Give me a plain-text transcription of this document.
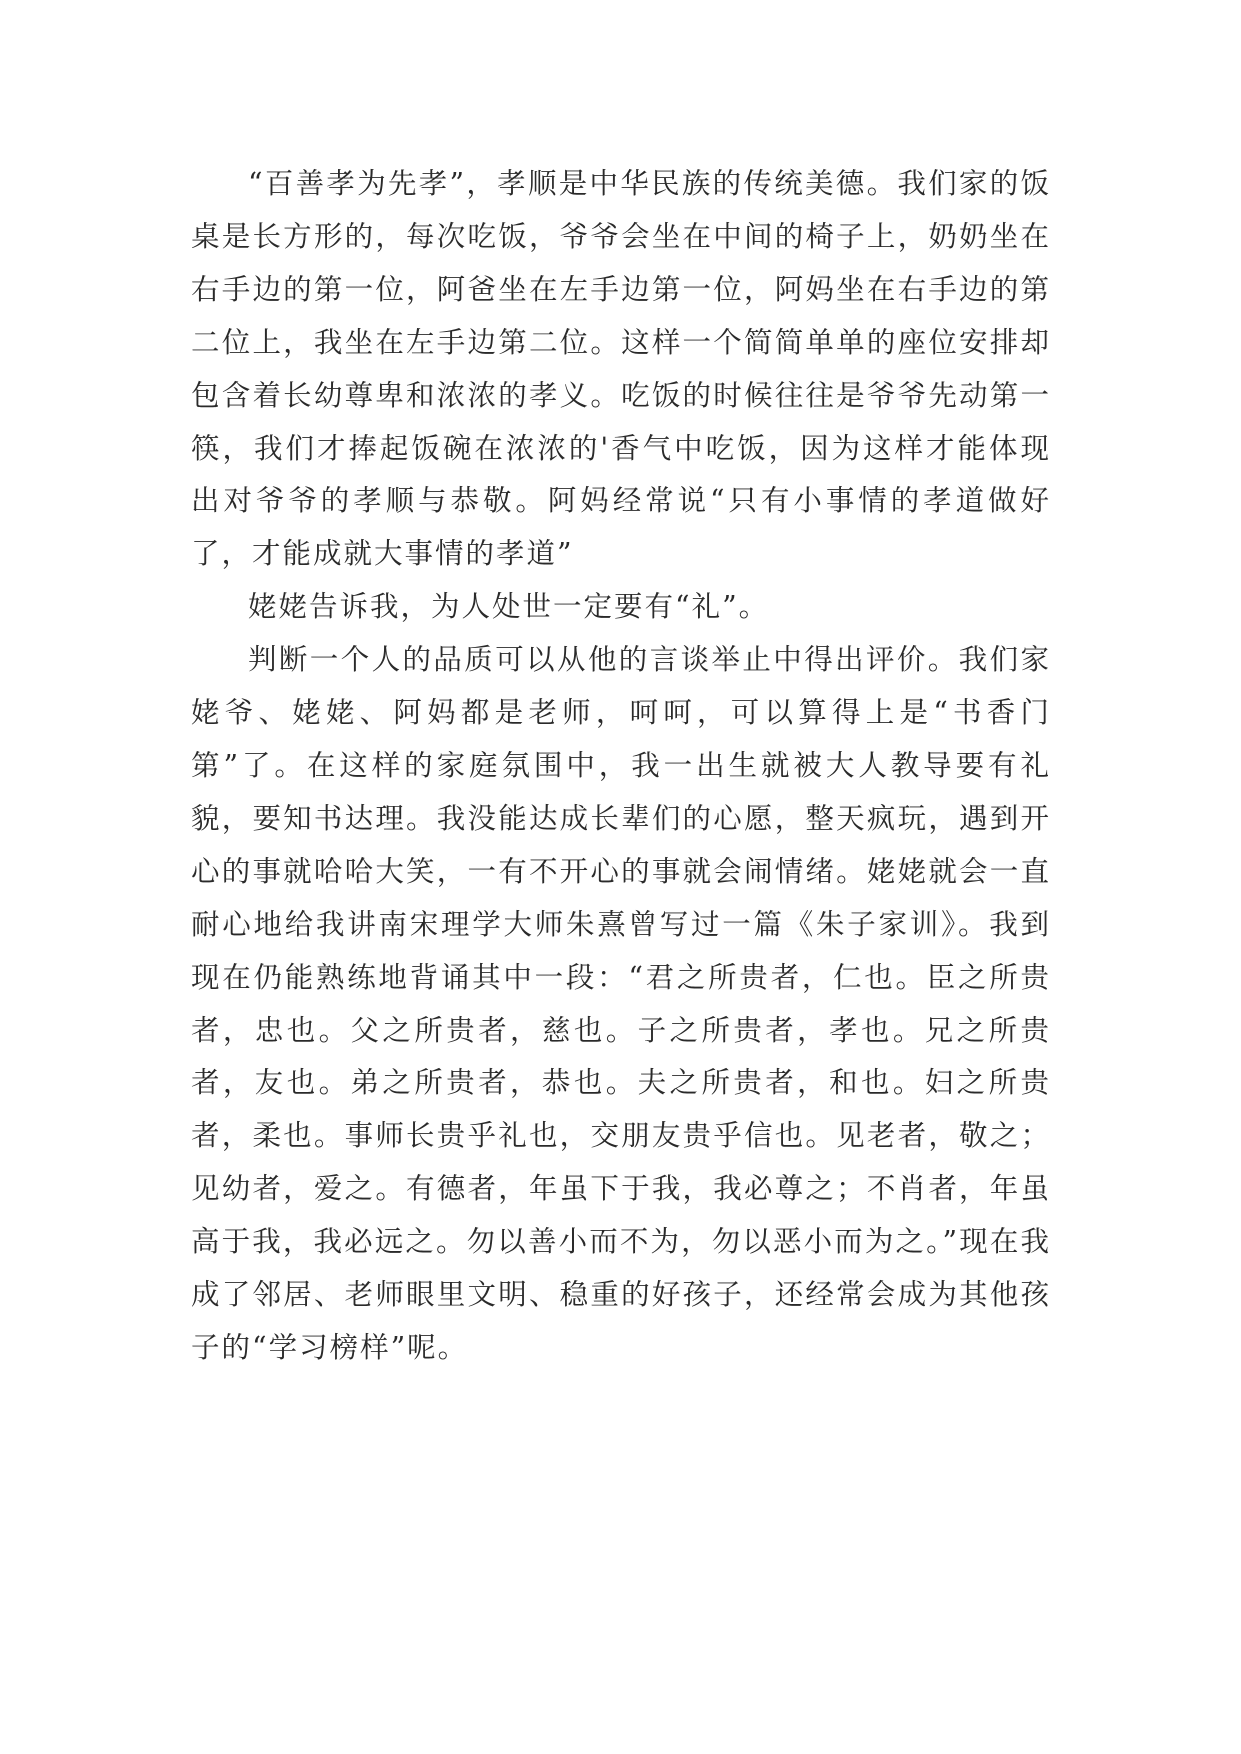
“百善孝为先孝”，孝顺是中华民族的传统美德。我们家的饭桌是长方形的，每次吃饭，爷爷会坐在中间的椅子上，奶奶坐在右手边的第一位，阿爸坐在左手边第一位，阿妈坐在右手边的第二位上，我坐在左手边第二位。这样一个简简单单的座位安排却包含着长幼尊卑和浓浓的孝义。吃饭的时候往往是爷爷先动第一筷，我们才捧起饭碗在浓浓的'香气中吃饭，因为这样才能体现出对爷爷的孝顺与恭敬。阿妈经常说“只有小事情的孝道做好了，才能成就大事情的孝道”

姥姥告诉我，为人处世一定要有“礼”。

判断一个人的品质可以从他的言谈举止中得出评价。我们家姥爷、姥姥、阿妈都是老师，呵呵，可以算得上是“书香门第”了。在这样的家庭氛围中，我一出生就被大人教导要有礼貌，要知书达理。我没能达成长辈们的心愿，整天疯玩，遇到开心的事就哈哈大笑，一有不开心的事就会闹情绪。姥姥就会一直耐心地给我讲南宋理学大师朱熹曾写过一篇《朱子家训》。我到现在仍能熟练地背诵其中一段：“君之所贵者，仁也。臣之所贵者，忠也。父之所贵者，慈也。子之所贵者，孝也。兄之所贵者，友也。弟之所贵者，恭也。夫之所贵者，和也。妇之所贵者，柔也。事师长贵乎礼也，交朋友贵乎信也。见老者，敬之；见幼者，爱之。有德者，年虽下于我，我必尊之；不肖者，年虽高于我，我必远之。勿以善小而不为，勿以恶小而为之。”现在我成了邻居、老师眼里文明、稳重的好孩子，还经常会成为其他孩子的“学习榜样”呢。
